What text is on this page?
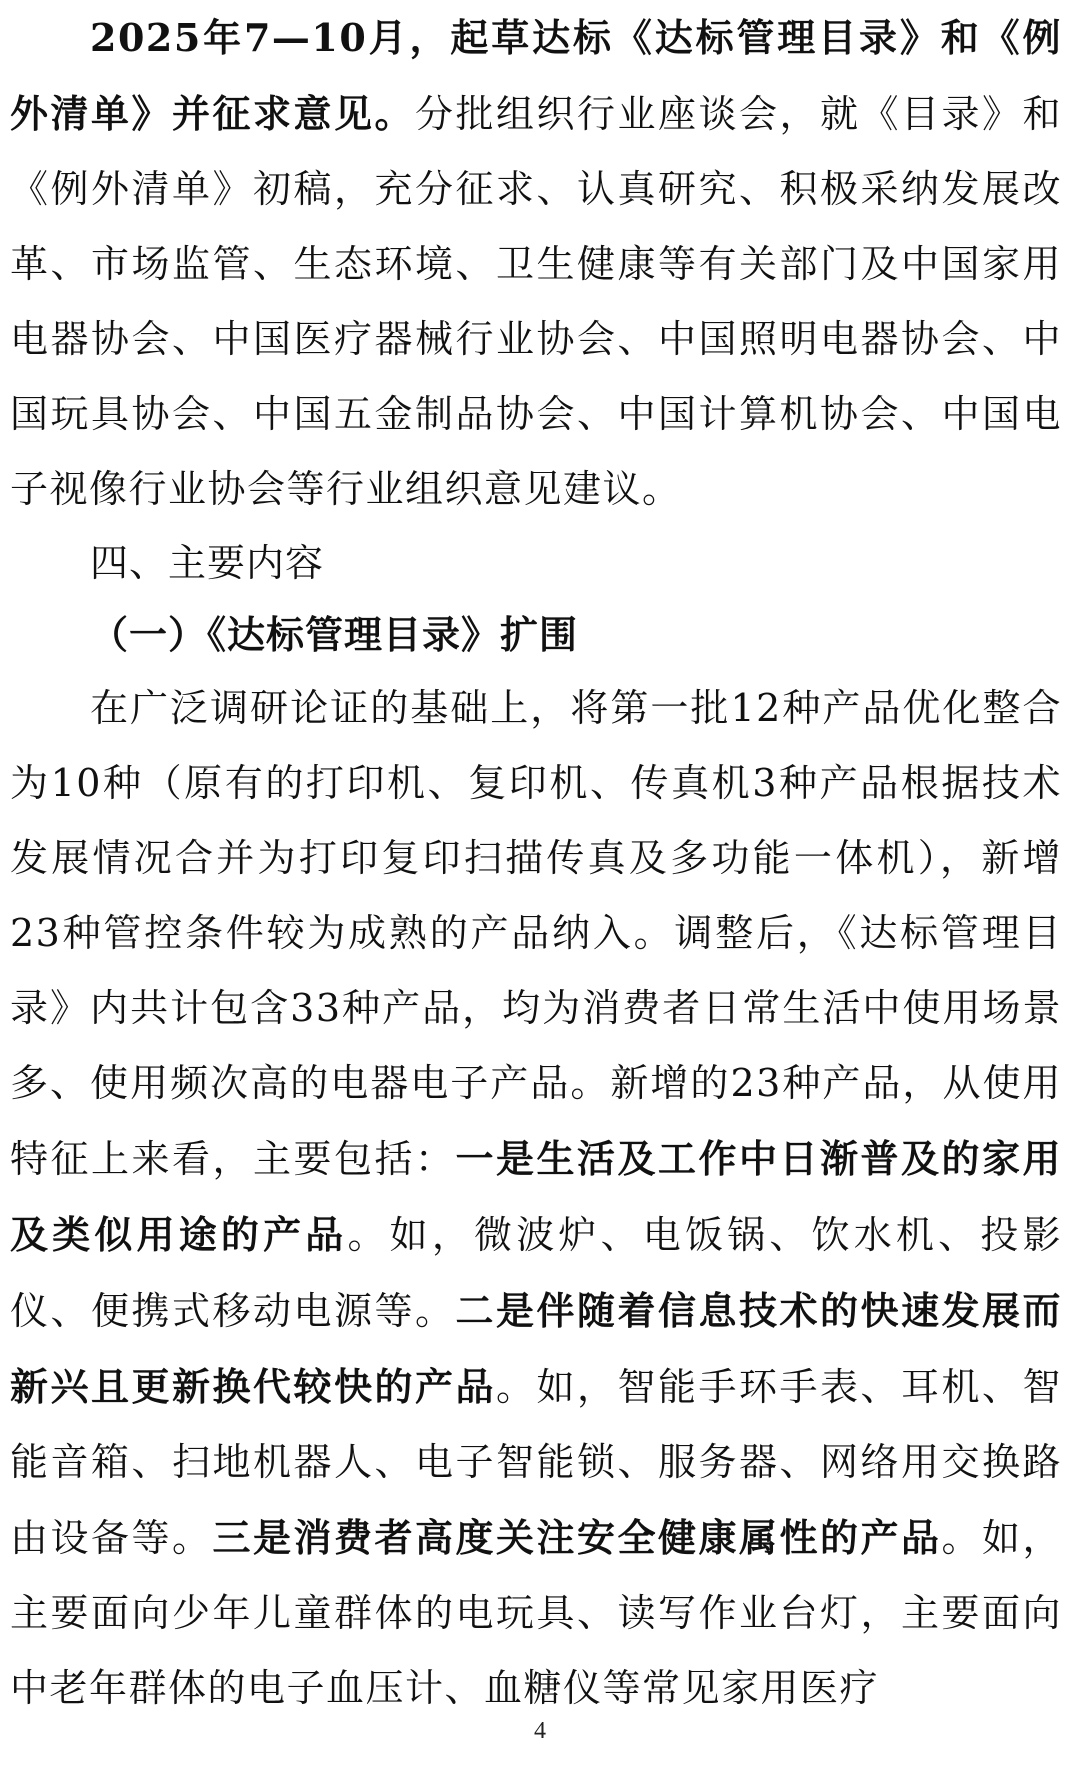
2025年7—10月，起草达标《达标管理目录》和《例外清单》并征求意见。分批组织行业座谈会，就《目录》和《例外清单》初稿，充分征求、认真研究、积极采纳发展改革、市场监管、生态环境、卫生健康等有关部门及中国家用电器协会、中国医疗器械行业协会、中国照明电器协会、中国玩具协会、中国五金制品协会、中国计算机协会、中国电子视像行业协会等行业组织意见建议。

四、主要内容

（一）《达标管理目录》扩围

在广泛调研论证的基础上，将第一批12种产品优化整合为10种（原有的打印机、复印机、传真机3种产品根据技术发展情况合并为打印复印扫描传真及多功能一体机），新增23种管控条件较为成熟的产品纳入。调整后，《达标管理目录》内共计包含33种产品，均为消费者日常生活中使用场景多、使用频次高的电器电子产品。新增的23种产品，从使用特征上来看，主要包括：一是生活及工作中日渐普及的家用及类似用途的产品。如，微波炉、电饭锅、饮水机、投影仪、便携式移动电源等。二是伴随着信息技术的快速发展而新兴且更新换代较快的产品。如，智能手环手表、耳机、智能音箱、扫地机器人、电子智能锁、服务器、网络用交换路由设备等。三是消费者高度关注安全健康属性的产品。如，主要面向少年儿童群体的电玩具、读写作业台灯，主要面向中老年群体的电子血压计、血糖仪等常见家用医疗

4
